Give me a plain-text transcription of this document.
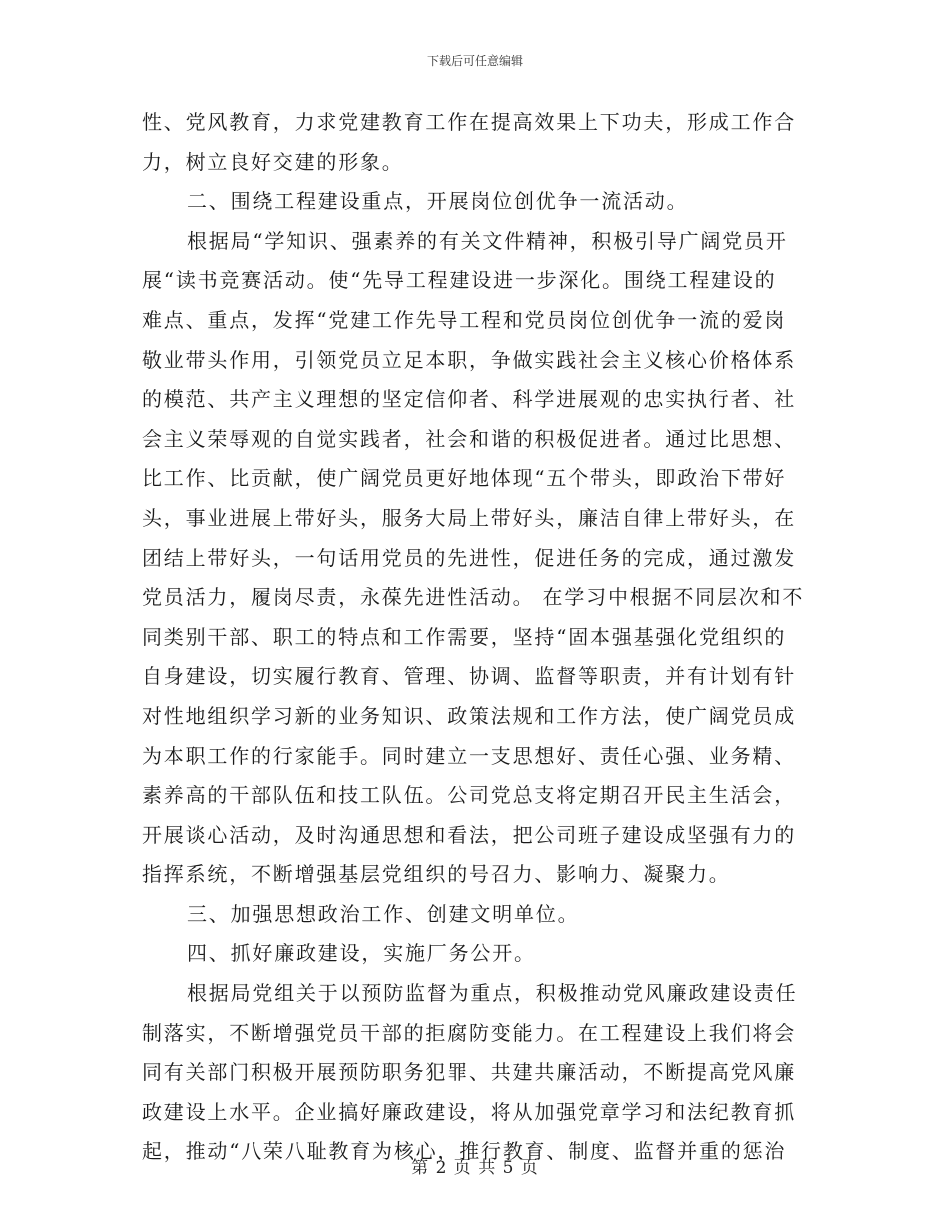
下载后可任意编辑
性、党风教育，力求党建教育工作在提高效果上下功夫，形成工作合
力，树立良好交建的形象。
二、围绕工程建设重点，开展岗位创优争一流活动。
根据局“学知识、强素养的有关文件精神，积极引导广阔党员开
展“读书竞赛活动。使“先导工程建设进一步深化。围绕工程建设的
难点、重点，发挥“党建工作先导工程和党员岗位创优争一流的爱岗
敬业带头作用，引领党员立足本职，争做实践社会主义核心价格体系
的模范、共产主义理想的坚定信仰者、科学进展观的忠实执行者、社
会主义荣辱观的自觉实践者，社会和谐的积极促进者。通过比思想、
比工作、比贡献，使广阔党员更好地体现“五个带头，即政治下带好
头，事业进展上带好头，服务大局上带好头，廉洁自律上带好头，在
团结上带好头，一句话用党员的先进性，促进任务的完成，通过激发
党员活力，履岗尽责，永葆先进性活动。 在学习中根据不同层次和不
同类别干部、职工的特点和工作需要，坚持“固本强基强化党组织的
自身建设，切实履行教育、管理、协调、监督等职责，并有计划有针
对性地组织学习新的业务知识、政策法规和工作方法，使广阔党员成
为本职工作的行家能手。同时建立一支思想好、责任心强、业务精、
素养高的干部队伍和技工队伍。公司党总支将定期召开民主生活会，
开展谈心活动，及时沟通思想和看法，把公司班子建设成坚强有力的
指挥系统，不断增强基层党组织的号召力、影响力、凝聚力。
三、加强思想政治工作、创建文明单位。
四、抓好廉政建设，实施厂务公开。
根据局党组关于以预防监督为重点，积极推动党风廉政建设责任
制落实，不断增强党员干部的拒腐防变能力。在工程建设上我们将会
同有关部门积极开展预防职务犯罪、共建共廉活动，不断提高党风廉
政建设上水平。企业搞好廉政建设，将从加强党章学习和法纪教育抓
起，推动“八荣八耻教育为核心，推行教育、制度、监督并重的惩治
第 2 页 共 5 页
